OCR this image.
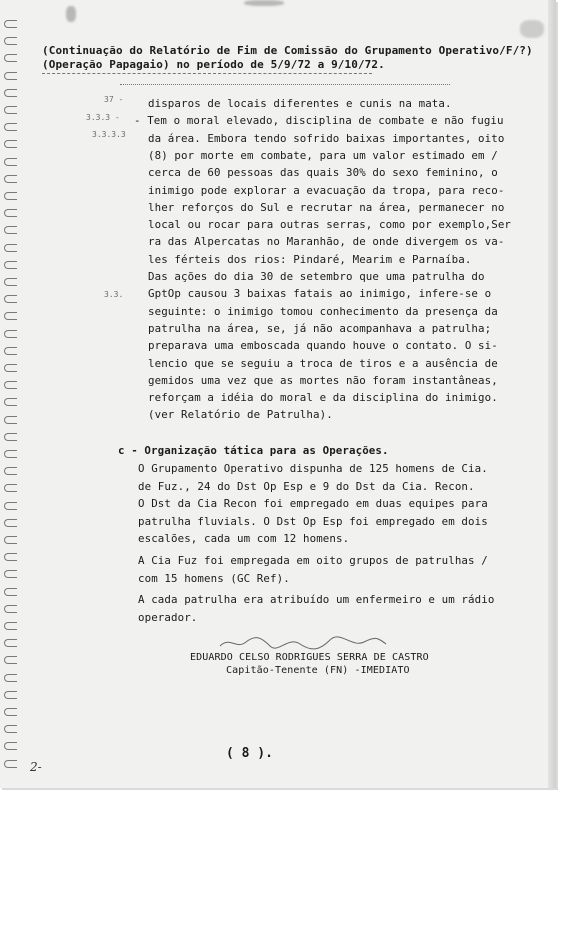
(Continuação do Relatório de Fim de Comissão do Grupamento Operativo/F/?)
(Operação Papagaio) no período de 5/9/72 a 9/10/72.
37 -
3.3.3 -
3.3.3.3
3.3.
disparos de locais diferentes e cunis na mata.
- Tem o moral elevado, disciplina de combate e não fugiu
da área. Embora tendo sofrido baixas importantes, oito
(8) por morte em combate, para um valor estimado em /
cerca de 60 pessoas das quais 30% do sexo feminino, o
inimigo pode explorar a evacuação da tropa, para reco-
lher reforços do Sul e recrutar na área, permanecer no
local ou rocar para outras serras, como por exemplo,Ser
ra das Alpercatas no Maranhão, de onde divergem os va-
les férteis dos rios: Pindaré, Mearim e Parnaíba.
Das ações do dia 30 de setembro que uma patrulha do
GptOp causou 3 baixas fatais ao inimigo, infere-se o
seguinte: o inimigo tomou conhecimento da presença da
patrulha na área, se, já não acompanhava a patrulha;
preparava uma emboscada quando houve o contato. O si-
lencio que se seguiu a troca de tiros e a ausência de
gemidos uma vez que as mortes não foram instantâneas,
reforçam a idéia do moral e da disciplina do inimigo.
(ver Relatório de Patrulha).
c - Organização tática para as Operações.
O Grupamento Operativo dispunha de 125 homens de Cia.
de Fuz., 24 do Dst Op Esp e 9 do Dst da Cia. Recon.
O Dst da Cia Recon foi empregado em duas equipes para
patrulha fluvials. O Dst Op Esp foi empregado em dois
escalões, cada um com 12 homens.
A Cia Fuz foi empregada em oito grupos de patrulhas /
com 15 homens (GC Ref).
A cada patrulha era atribuído um enfermeiro e um rádio
operador.
EDUARDO CELSO RODRIGUES SERRA DE CASTRO
Capitão-Tenente (FN) -IMEDIATO
( 8 ).
2-
